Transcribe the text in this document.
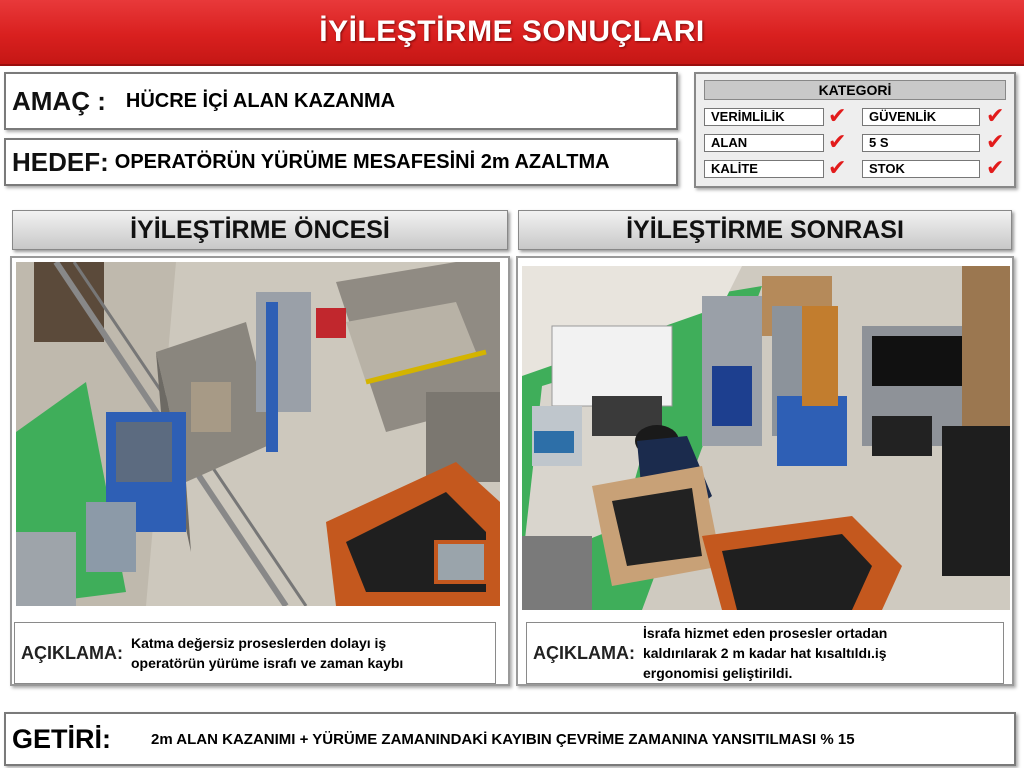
İYİLEŞTİRME SONUÇLARI
AMAÇ : HÜCRE İÇİ ALAN KAZANMA
HEDEF: OPERATÖRÜN YÜRÜME MESAFESİNİ 2m AZALTMA
KATEGORİ
VERİMLİLİK	✔	GÜVENLİK	✔
ALAN	✔	5 S	✔
KALİTE	✔	STOK	✔
İYİLEŞTİRME ÖNCESİ	İYİLEŞTİRME SONRASI
AÇIKLAMA: Katma değersiz proseslerden dolayı iş operatörün yürüme israfı ve zaman kaybı
AÇIKLAMA:
İsrafa hizmet eden prosesler ortadan kaldırılarak 2 m kadar hat kısaltıldı.iş ergonomisi geliştirildi.
GETİRİ:	2m ALAN KAZANIMI + YÜRÜME ZAMANINDAKİ KAYIBIN ÇEVRİME ZAMANINA YANSITILMASI % 15
